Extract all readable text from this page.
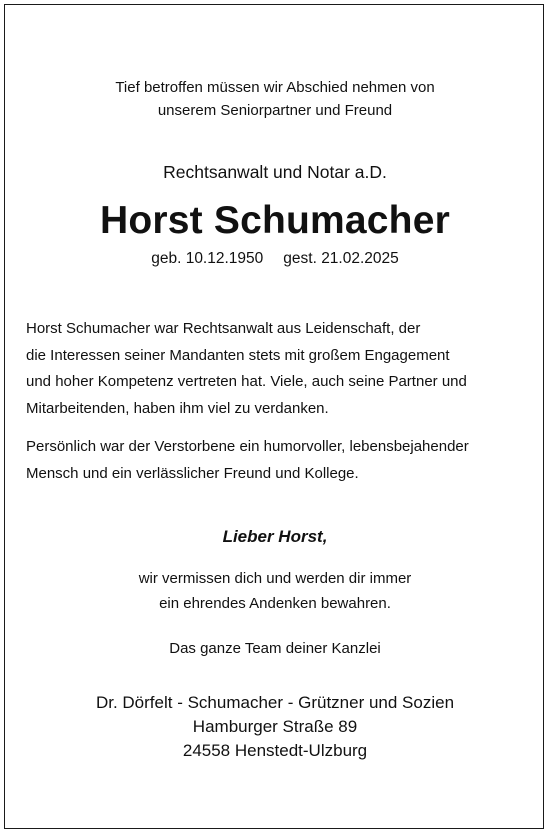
Tief betroffen müssen wir Abschied nehmen von
unserem Seniorpartner und Freund
Rechtsanwalt und Notar a.D.
Horst Schumacher
geb. 10.12.1950 gest. 21.02.2025
Horst Schumacher war Rechtsanwalt aus Leidenschaft, der
die Interessen seiner Mandanten stets mit großem Engagement
und hoher Kompetenz vertreten hat. Viele, auch seine Partner und
Mitarbeitenden, haben ihm viel zu verdanken.
Persönlich war der Verstorbene ein humorvoller, lebensbejahender
Mensch und ein verlässlicher Freund und Kollege.
Lieber Horst,
wir vermissen dich und werden dir immer
ein ehrendes Andenken bewahren.
Das ganze Team deiner Kanzlei
Dr. Dörfelt - Schumacher - Grützner und Sozien
Hamburger Straße 89
24558 Henstedt-Ulzburg
